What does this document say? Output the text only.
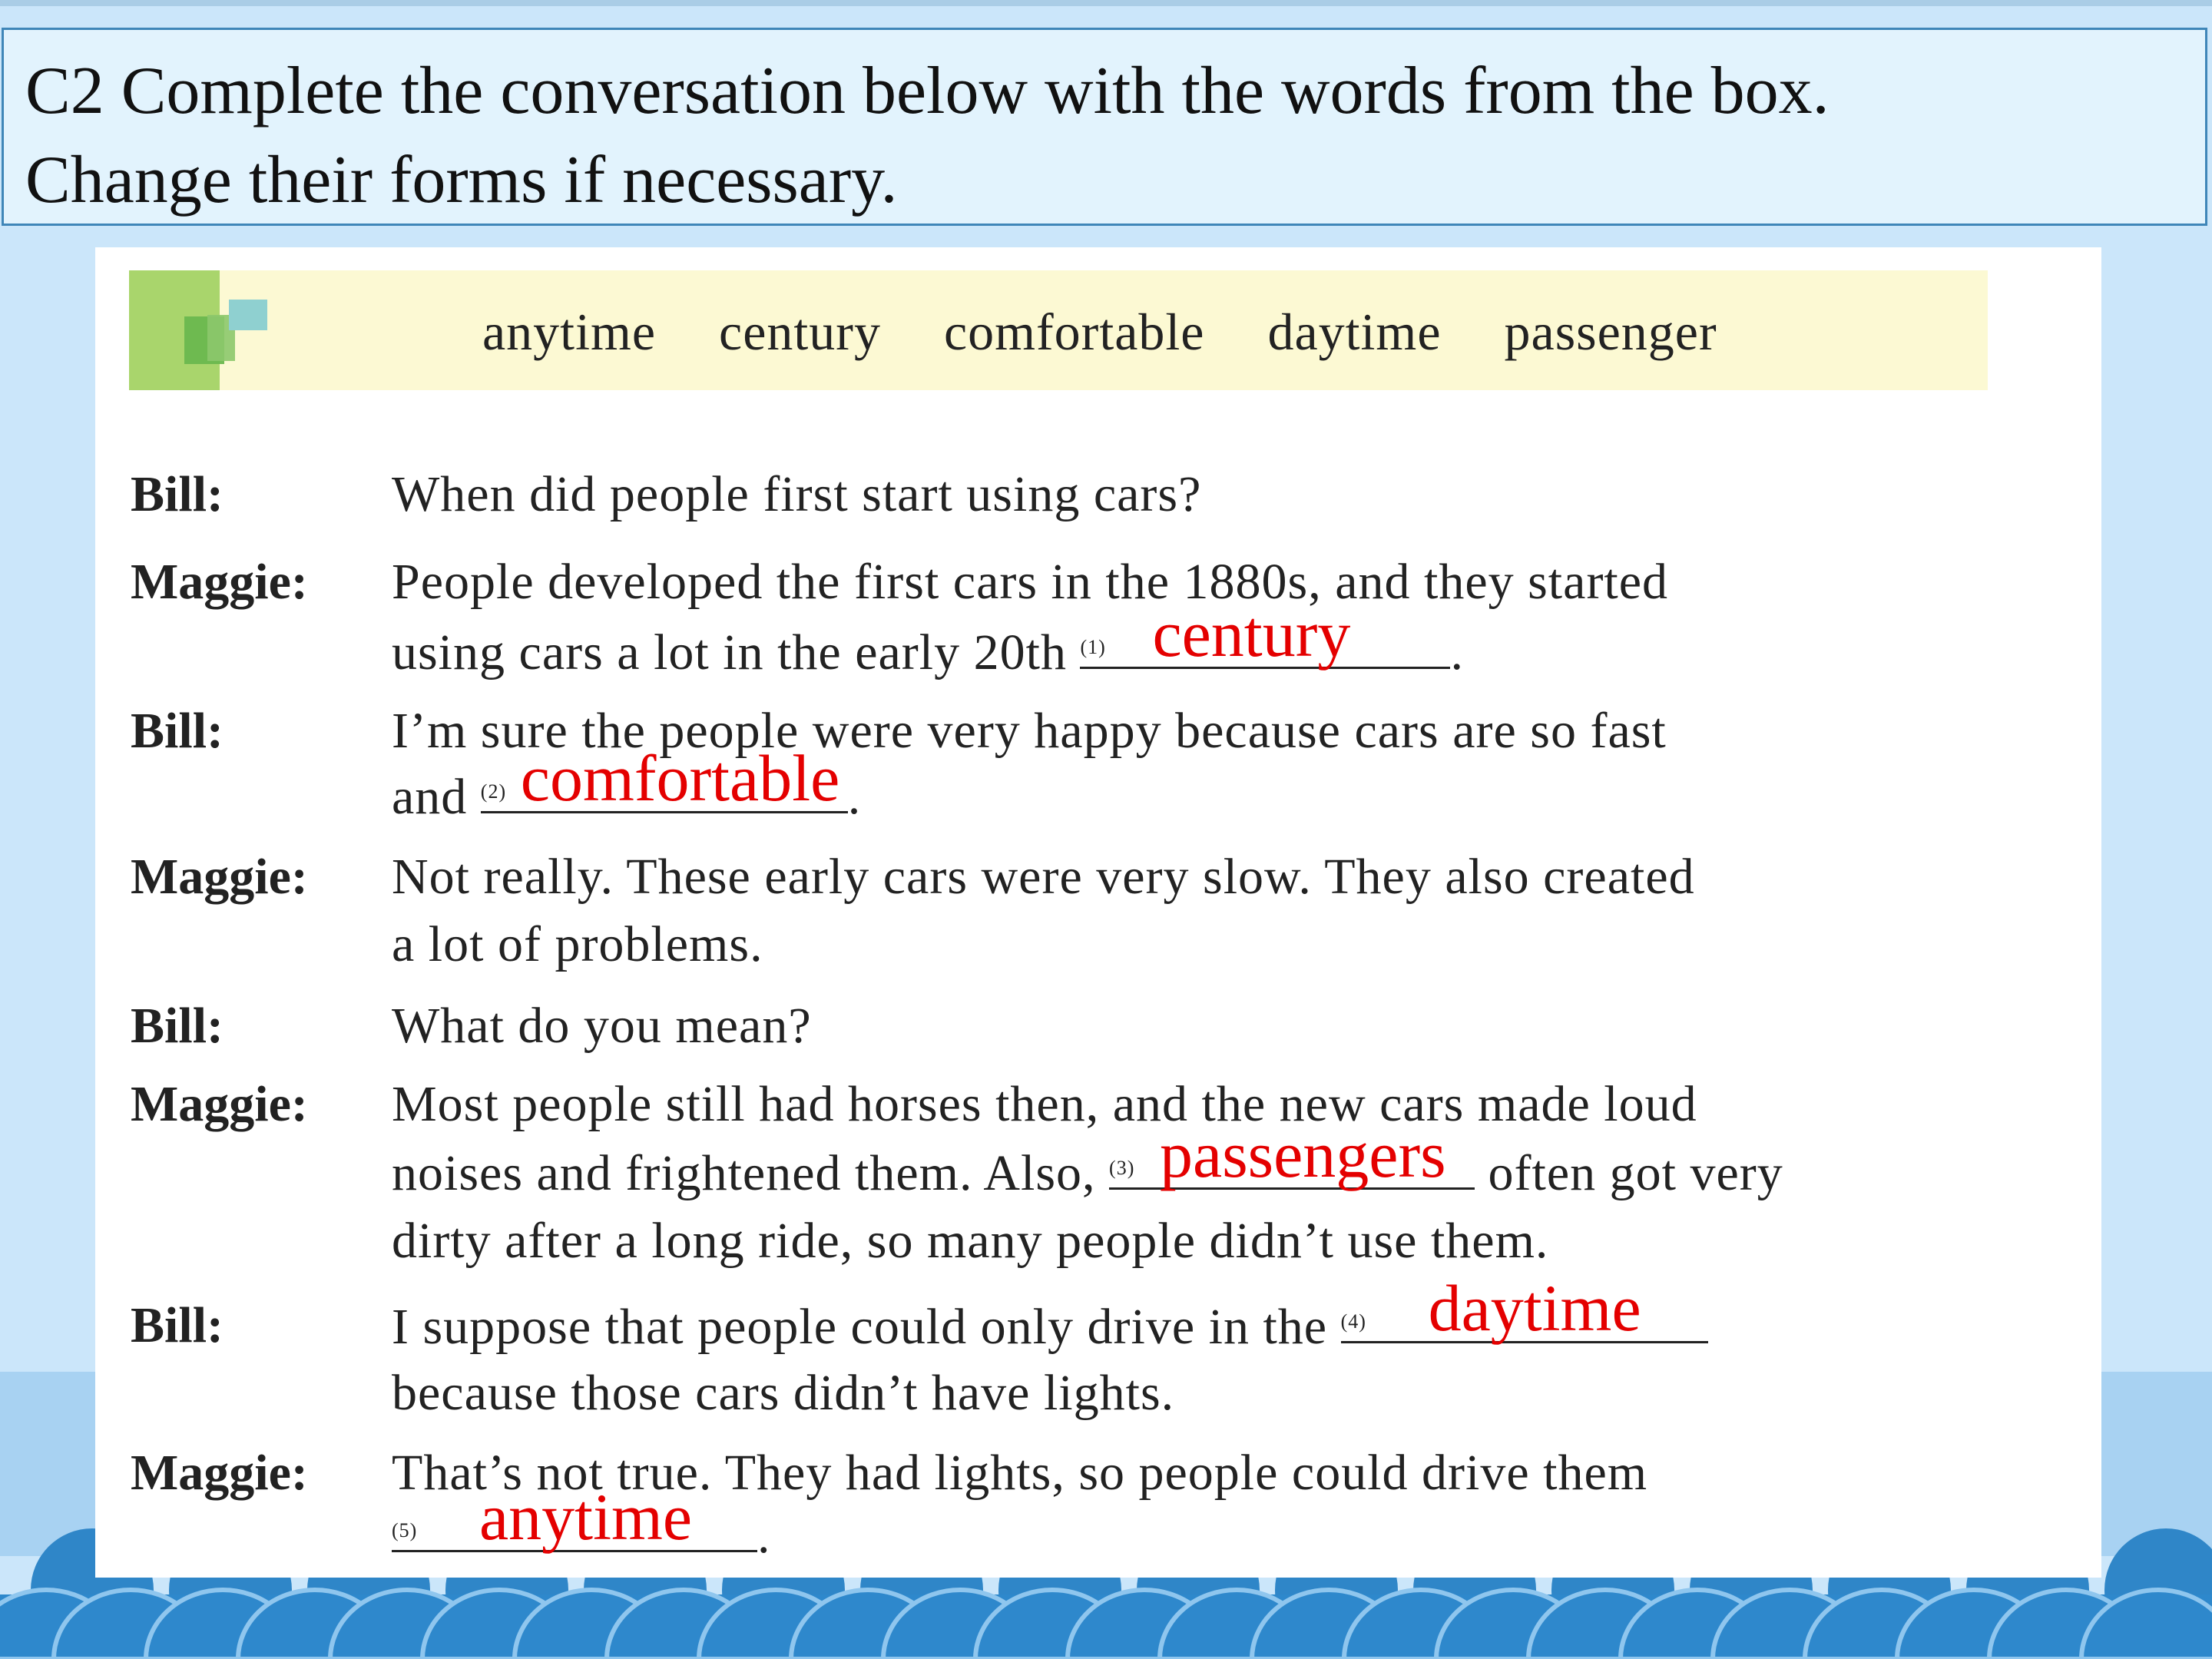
C2 Complete the conversation below with the words from the box.
Change their forms if necessary.
anytime century comfortable daytime passenger
Bill:	When did people first start using cars?
Maggie: People developed the first cars in the 1880s, and they started
using cars a lot in the early 20th (1) century .
Bill:	I’m sure the people were very happy because cars are so fast
and (2) comfortable .
Maggie: Not really. These early cars were very slow. They also created
a lot of problems.
Bill:	What do you mean?
Maggie: Most people still had horses then, and the new cars made loud
noises and frightened them. Also, (3) passengers often got very
dirty after a long ride, so many people didn’t use them.
Bill:	I suppose that people could only drive in the (4) daytime
because those cars didn’t have lights.
Maggie: That’s not true. They had lights, so people could drive them
(5) anytime .
